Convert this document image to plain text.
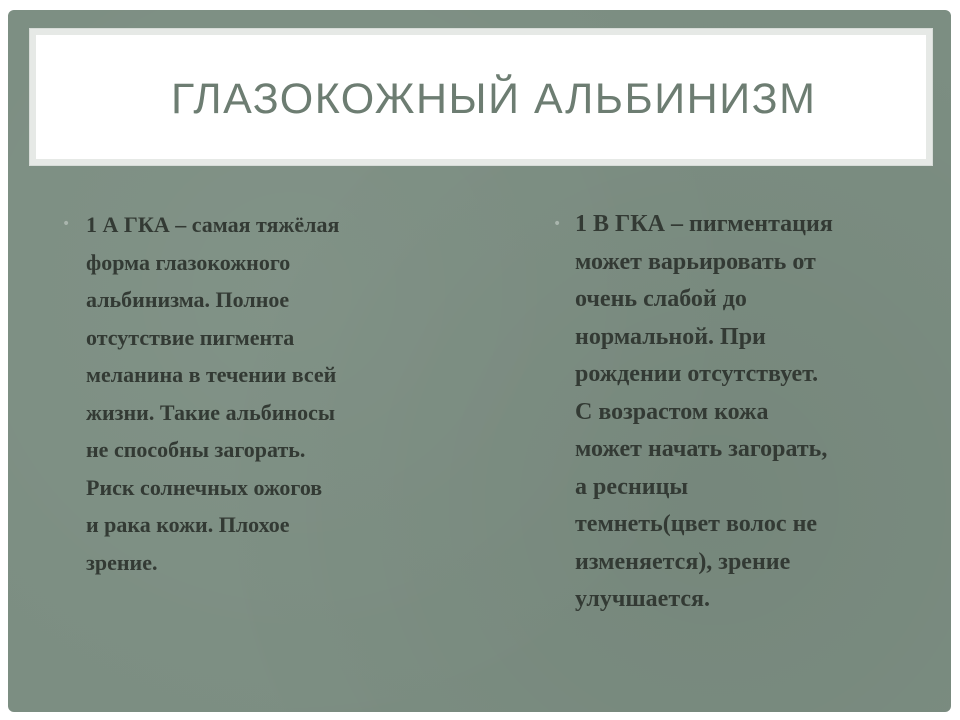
ГЛАЗОКОЖНЫЙ АЛЬБИНИЗМ
• 1 А ГКА – самая тяжёлая
форма глазокожного
альбинизма. Полное
отсутствие пигмента
меланина в течении всей
жизни. Такие альбиносы
не способны загорать.
Риск солнечных ожогов
и рака кожи. Плохое
зрение.
• 1 В ГКА – пигментация
может варьировать от
очень слабой до
нормальной. При
рождении отсутствует.
С возрастом кожа
может начать загорать,
а ресницы
темнеть(цвет волос не
изменяется), зрение
улучшается.
